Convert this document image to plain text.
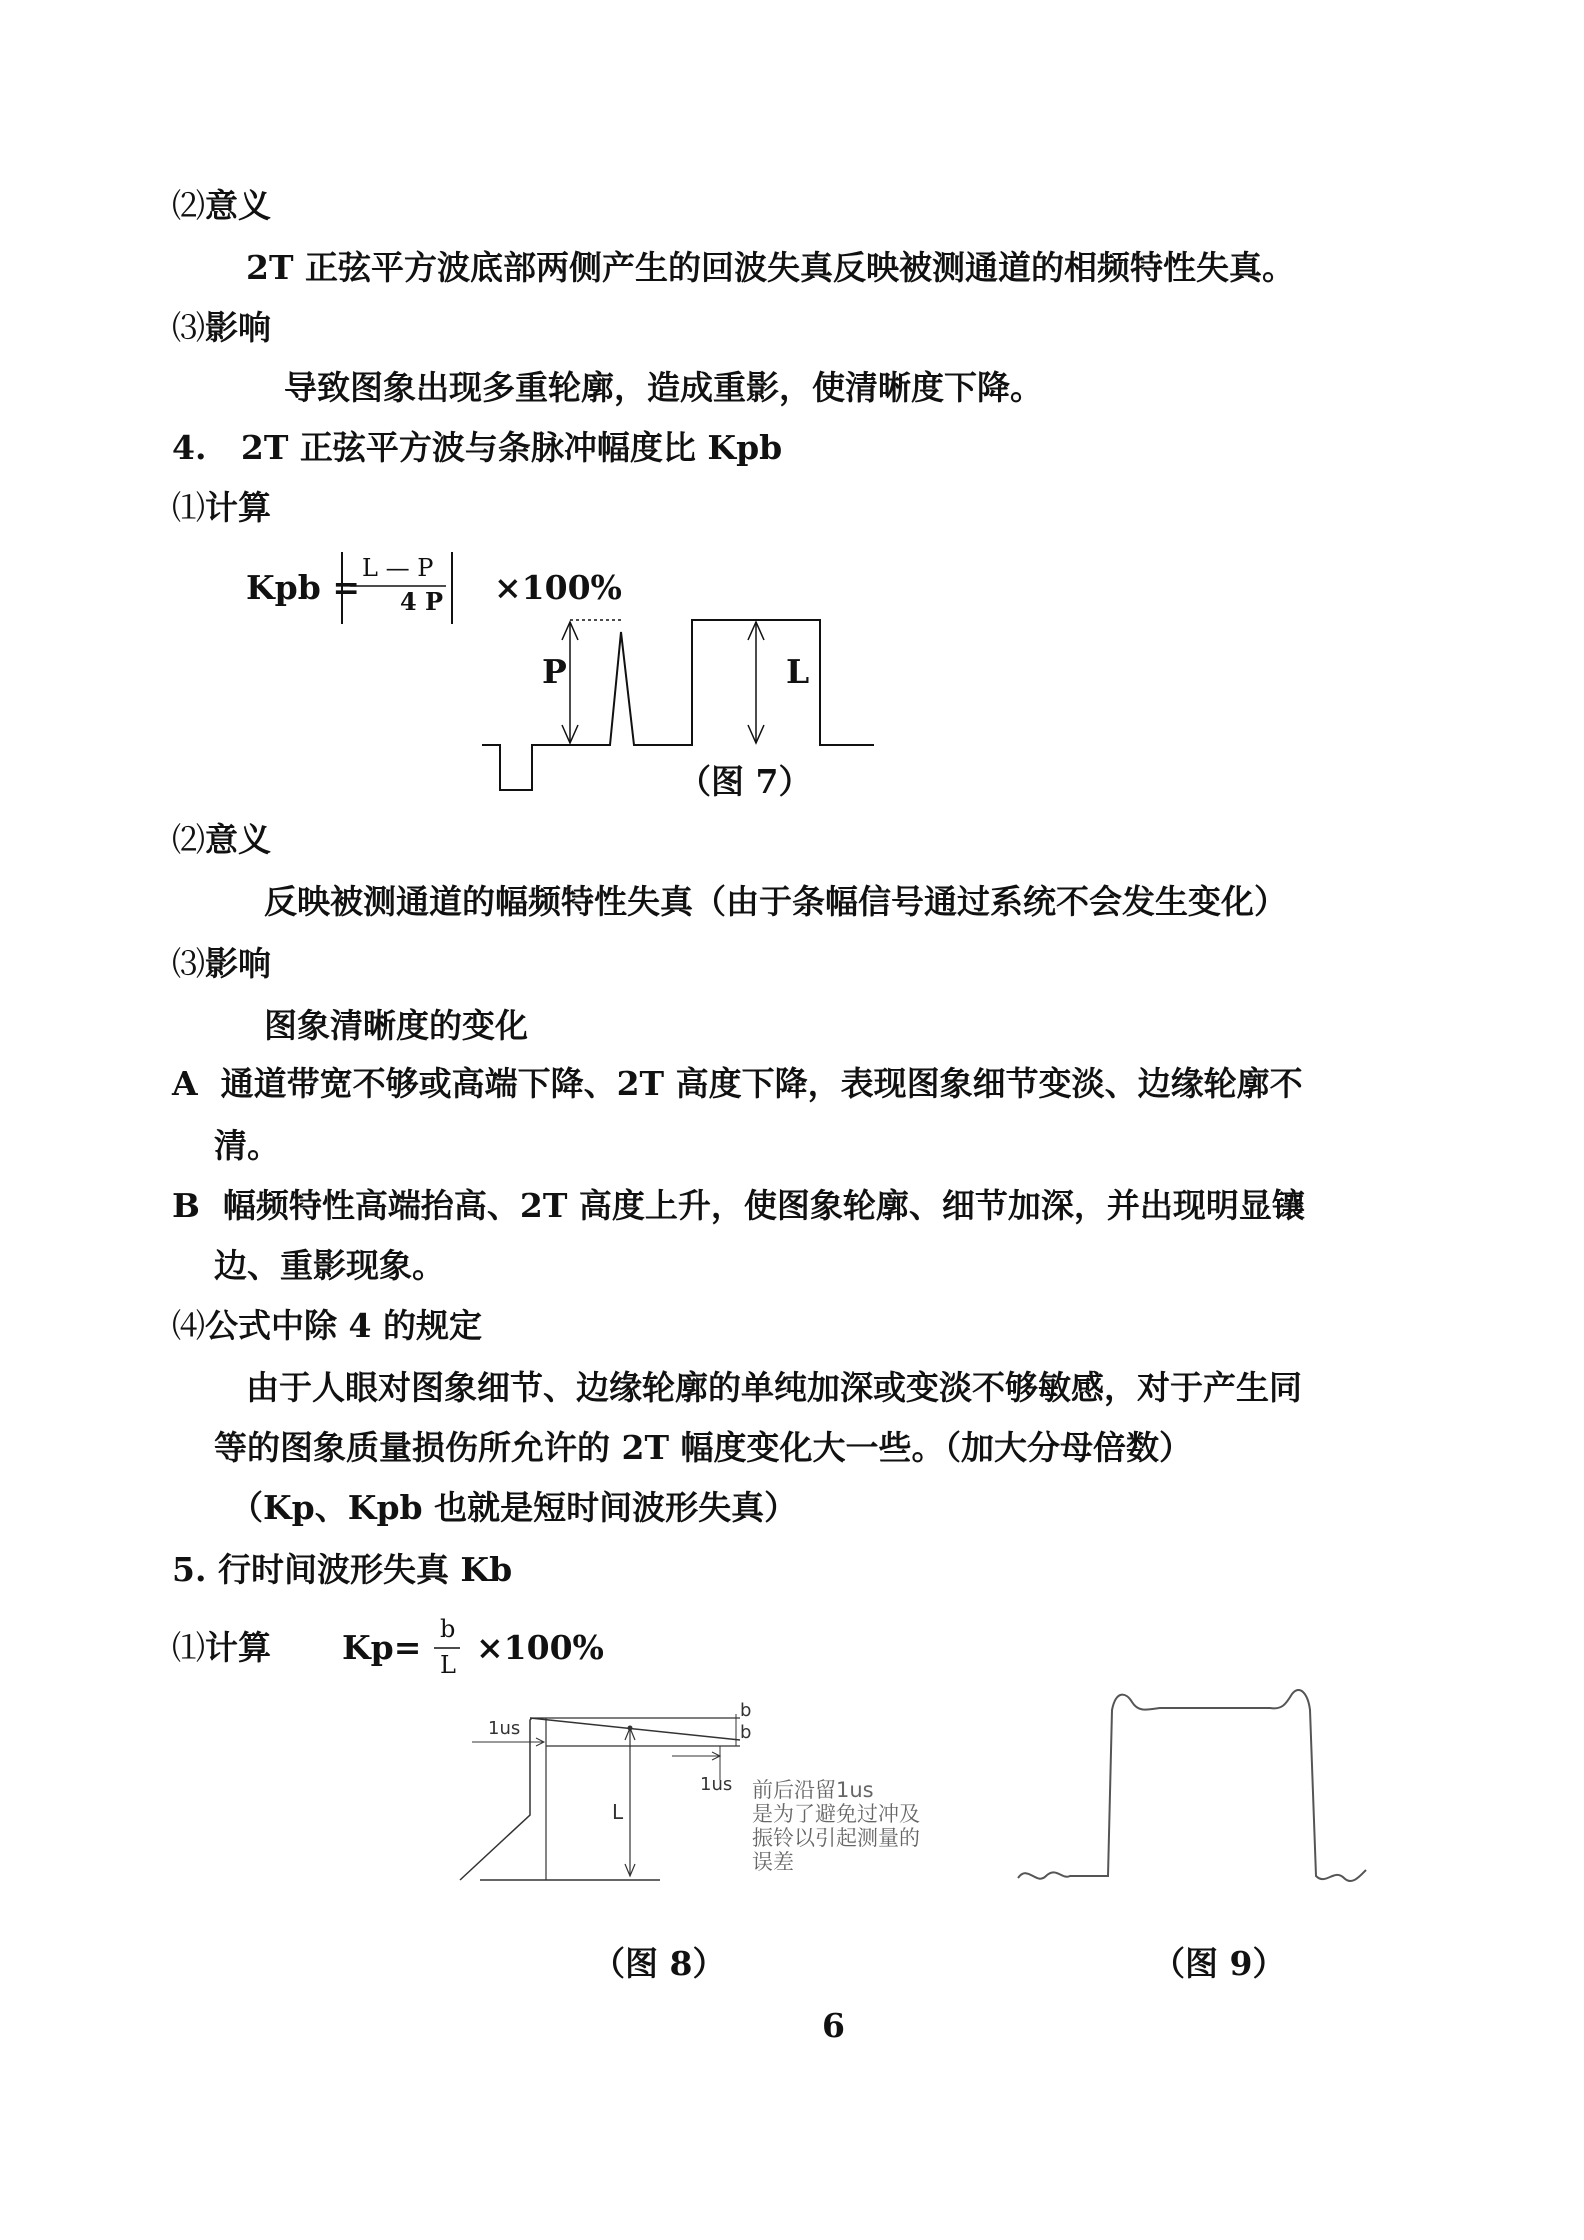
⑵意义
2T 正弦平方波底部两侧产生的回波失真反映被测通道的相频特性失真。
⑶影响
导致图象出现多重轮廓，造成重影，使清晰度下降。
4.   2T 正弦平方波与条脉冲幅度比 Kpb
⑴计算
Kpb = L — P
4 P ×100%
P	L
（图 7）
⑵意义
反映被测通道的幅频特性失真（由于条幅信号通过系统不会发生变化）
⑶影响
图象清晰度的变化
A 通道带宽不够或高端下降、2T 高度下降，表现图象细节变淡、边缘轮廓不
清。
B 幅频特性高端抬高、2T 高度上升，使图象轮廓、细节加深，并出现明显镶
边、重影现象。
⑷公式中除 4 的规定
由于人眼对图象细节、边缘轮廓的单纯加深或变淡不够敏感，对于产生同
等的图象质量损伤所允许的 2T 幅度变化大一些。（加大分母倍数）
（Kp、Kpb 也就是短时间波形失真）
5. 行时间波形失真 Kb
⑴计算 Kp= b
L ×100%
1us
1us
b
b
L
前后沿留1us
是为了避免过冲及
振铃以引起测量的
误差
（图 8）	（图 9）
6
